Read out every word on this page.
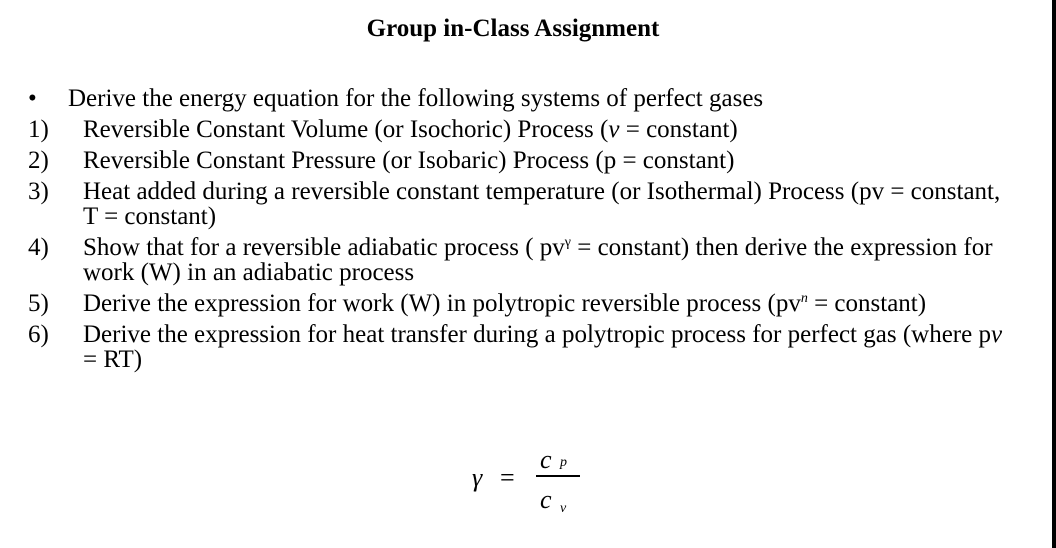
Group in-Class Assignment
• Derive the energy equation for the following systems of perfect gases
1) Reversible Constant Volume (or Isochoric) Process (v = constant)
2) Reversible Constant Pressure (or Isobaric) Process (p = constant)
3) Heat added during a reversible constant temperature (or Isothermal) Process (pv = constant, T = constant)
4) Show that for a reversible adiabatic process ( $pv^\gamma$ = constant) then derive the expression for work (W) in an adiabatic process
5) Derive the expression for work (W) in polytropic reversible process ($pv^n$ = constant)
6) Derive the expression for heat transfer during a polytropic process for perfect gas (where pv = RT)
γ =
c p
c v
